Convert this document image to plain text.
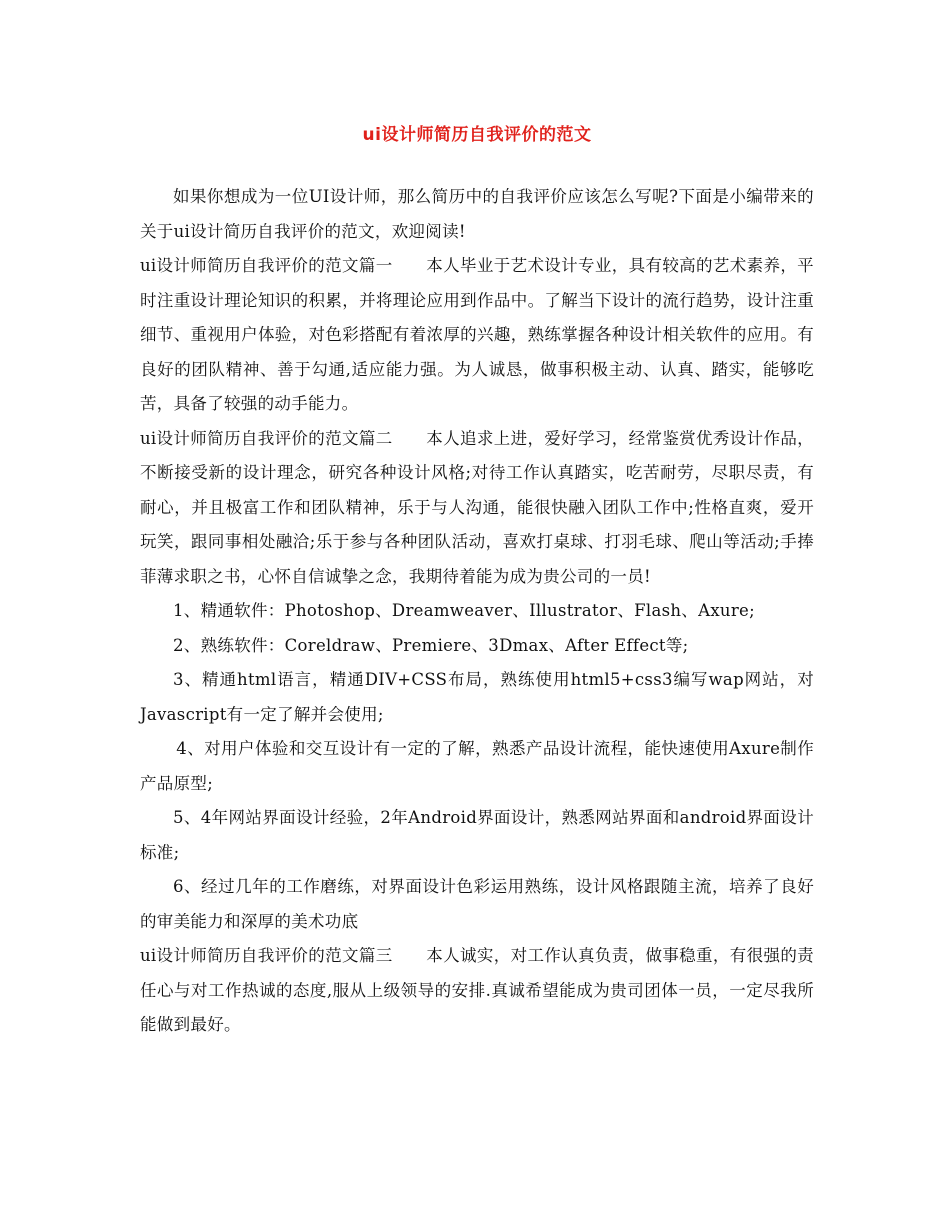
ui设计师简历自我评价的范文

如果你想成为一位UI设计师，那么简历中的自我评价应该怎么写呢?下面是小编带来的关于ui设计简历自我评价的范文，欢迎阅读!

ui设计师简历自我评价的范文篇一　　本人毕业于艺术设计专业，具有较高的艺术素养，平时注重设计理论知识的积累，并将理论应用到作品中。了解当下设计的流行趋势，设计注重细节、重视用户体验，对色彩搭配有着浓厚的兴趣，熟练掌握各种设计相关软件的应用。有良好的团队精神、善于勾通,适应能力强。为人诚恳，做事积极主动、认真、踏实，能够吃苦，具备了较强的动手能力。

ui设计师简历自我评价的范文篇二　　本人追求上进，爱好学习，经常鉴赏优秀设计作品，不断接受新的设计理念，研究各种设计风格;对待工作认真踏实，吃苦耐劳，尽职尽责，有耐心，并且极富工作和团队精神，乐于与人沟通，能很快融入团队工作中;性格直爽，爱开玩笑，跟同事相处融洽;乐于参与各种团队活动，喜欢打桌球、打羽毛球、爬山等活动;手捧菲薄求职之书，心怀自信诚挚之念，我期待着能为成为贵公司的一员!

1、精通软件：Photoshop、Dreamweaver、Illustrator、Flash、Axure;

2、熟练软件：Coreldraw、Premiere、3Dmax、After Effect等;

3、精通html语言，精通DIV+CSS布局，熟练使用html5+css3编写wap网站，对Javascript有一定了解并会使用;

4、对用户体验和交互设计有一定的了解，熟悉产品设计流程，能快速使用Axure制作产品原型;

5、4年网站界面设计经验，2年Android界面设计，熟悉网站界面和android界面设计标准;

6、经过几年的工作磨练，对界面设计色彩运用熟练，设计风格跟随主流，培养了良好的审美能力和深厚的美术功底

ui设计师简历自我评价的范文篇三　　本人诚实，对工作认真负责，做事稳重，有很强的责任心与对工作热诚的态度,服从上级领导的安排.真诚希望能成为贵司团体一员，一定尽我所能做到最好。
